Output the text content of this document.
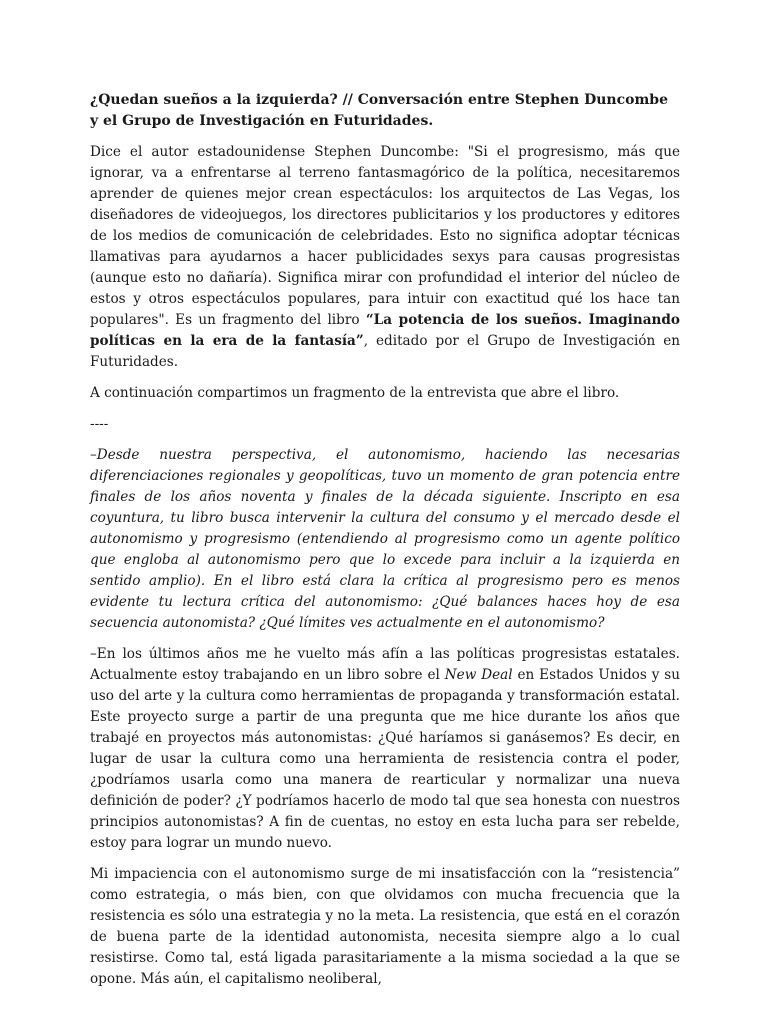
¿Quedan sueños a la izquierda? // Conversación entre Stephen Duncombe y el Grupo de Investigación en Futuridades.

Dice el autor estadounidense Stephen Duncombe: "Si el progresismo, más que ignorar, va a enfrentarse al terreno fantasmagórico de la política, necesitaremos aprender de quienes mejor crean espectáculos: los arquitectos de Las Vegas, los diseñadores de videojuegos, los directores publicitarios y los productores y editores de los medios de comunicación de celebridades. Esto no significa adoptar técnicas llamativas para ayudarnos a hacer publicidades sexys para causas progresistas (aunque esto no dañaría). Significa mirar con profundidad el interior del núcleo de estos y otros espectáculos populares, para intuir con exactitud qué los hace tan populares". Es un fragmento del libro “La potencia de los sueños. Imaginando políticas en la era de la fantasía”, editado por el Grupo de Investigación en Futuridades.

A continuación compartimos un fragmento de la entrevista que abre el libro.

----

–Desde nuestra perspectiva, el autonomismo, haciendo las necesarias diferenciaciones regionales y geopolíticas, tuvo un momento de gran potencia entre finales de los años noventa y finales de la década siguiente. Inscripto en esa coyuntura, tu libro busca intervenir la cultura del consumo y el mercado desde el autonomismo y progresismo (entendiendo al progresismo como un agente político que engloba al autonomismo pero que lo excede para incluir a la izquierda en sentido amplio). En el libro está clara la crítica al progresismo pero es menos evidente tu lectura crítica del autonomismo: ¿Qué balances haces hoy de esa secuencia autonomista? ¿Qué límites ves actualmente en el autonomismo?

–En los últimos años me he vuelto más afín a las políticas progresistas estatales. Actualmente estoy trabajando en un libro sobre el New Deal en Estados Unidos y su uso del arte y la cultura como herramientas de propaganda y transformación estatal. Este proyecto surge a partir de una pregunta que me hice durante los años que trabajé en proyectos más autonomistas: ¿Qué haríamos si ganásemos? Es decir, en lugar de usar la cultura como una herramienta de resistencia contra el poder, ¿podríamos usarla como una manera de rearticular y normalizar una nueva definición de poder? ¿Y podríamos hacerlo de modo tal que sea honesta con nuestros principios autonomistas? A fin de cuentas, no estoy en esta lucha para ser rebelde, estoy para lograr un mundo nuevo.

Mi impaciencia con el autonomismo surge de mi insatisfacción con la “resistencia” como estrategia, o más bien, con que olvidamos con mucha frecuencia que la resistencia es sólo una estrategia y no la meta. La resistencia, que está en el corazón de buena parte de la identidad autonomista, necesita siempre algo a lo cual resistirse. Como tal, está ligada parasitariamente a la misma sociedad a la que se opone. Más aún, el capitalismo neoliberal,
